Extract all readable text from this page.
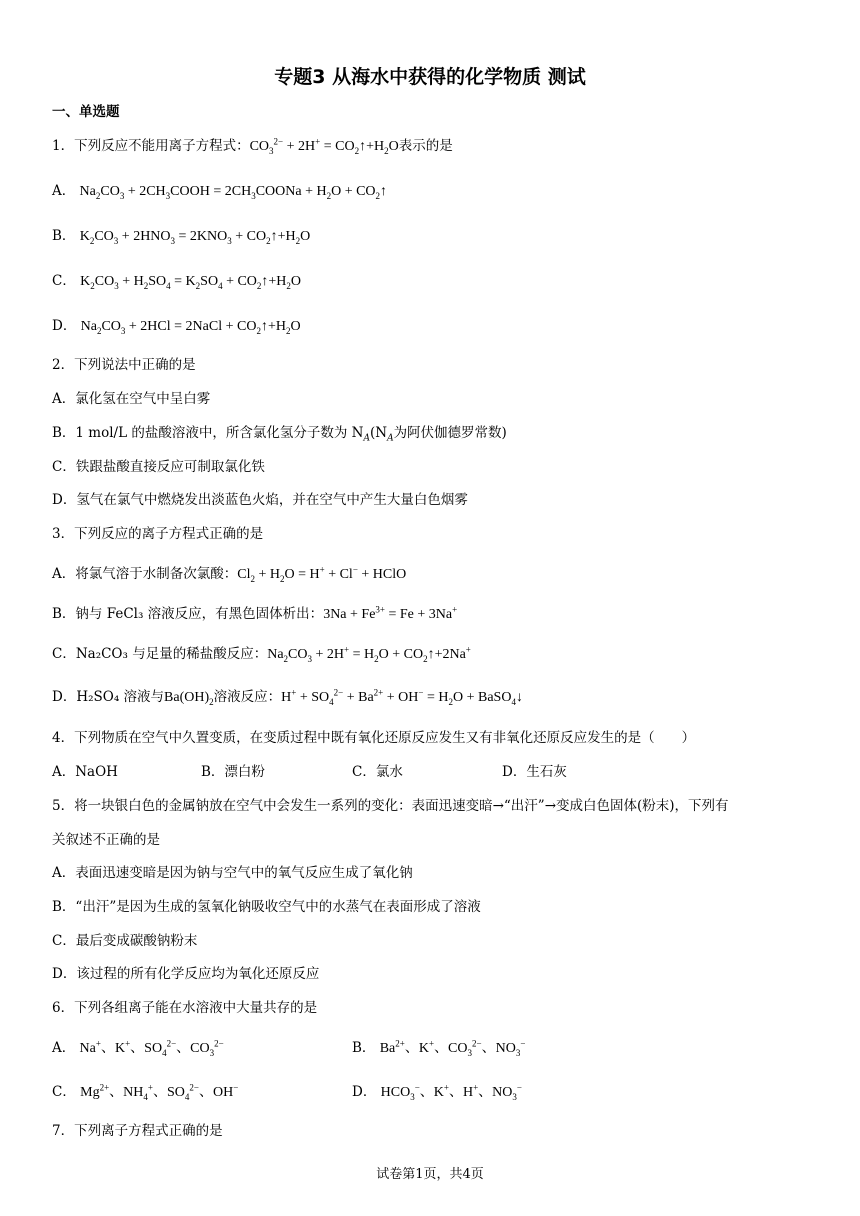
专题3 从海水中获得的化学物质 测试
一、单选题
1．下列反应不能用离子方程式：$CO_3^{2-} + 2H^+$ = $CO_2↑+H_2O$表示的是
A． $Na_2CO_3$ + $2CH_3COOH$ = $2CH_3COONa + H_2O$ + $CO_2↑$
B． $K_2CO_3 + 2HNO_3 = 2KNO_3$ + $CO_2↑+H_2O$
C． $K_2CO_3 + H_2SO_4 = K_2SO_4$ + $CO_2↑+H_2O$
D． $Na_2CO_3 + 2HCl$ = 2NaCl + $CO_2↑+H_2O$
2．下列说法中正确的是
A．氯化氢在空气中呈白雾
B．1 mol/L 的盐酸溶液中，所含氯化氢分子数为 $N_A(N_A$为阿伏伽德罗常数)
C．铁跟盐酸直接反应可制取氯化铁
D．氢气在氯气中燃烧发出淡蓝色火焰，并在空气中产生大量白色烟雾
3．下列反应的离子方程式正确的是
A．将氯气溶于水制备次氯酸：$Cl_2 + H_2O = H^+ + Cl^-$ + HClO
B．钠与 FeCl₃ 溶液反应，有黑色固体析出：$3Na + Fe^{3+} = Fe + 3Na^+$
C．Na₂CO₃ 与足量的稀盐酸反应：$Na_2CO_3 + 2H^+ = H_2O$ + $CO_2↑+2Na^+$
D．H₂SO₄ 溶液与$Ba(OH)_2$溶液反应：$H^+ + SO_4^{2-} + Ba^{2+} + OH^- = H_2O$ + BaSO$_4$↓
4．下列物质在空气中久置变质，在变质过程中既有氧化还原反应发生又有非氧化还原反应发生的是（　　）
A．NaOH	B．漂白粉	C．氯水	D．生石灰
5．将一块银白色的金属钠放在空气中会发生一系列的变化：表面迅速变暗→“出汗”→变成白色固体(粉末)，下列有
关叙述不正确的是
A．表面迅速变暗是因为钠与空气中的氧气反应生成了氧化钠
B．“出汗”是因为生成的氢氧化钠吸收空气中的水蒸气在表面形成了溶液
C．最后变成碳酸钠粉末
D．该过程的所有化学反应均为氧化还原反应
6．下列各组离子能在水溶液中大量共存的是
A． Na+、K+、$SO_4^{2-}$、$CO_3^{2-}$	B． $Ba^{2+}$、K+、$CO_3^{2-}$、$NO_3^-$
C． $Mg^{2+}$、$NH_4^+$、$SO_4^{2-}$、OH−	D． $HCO_3^-$、K+、H+、$NO_3^-$
7．下列离子方程式正确的是
试卷第1页，共4页
